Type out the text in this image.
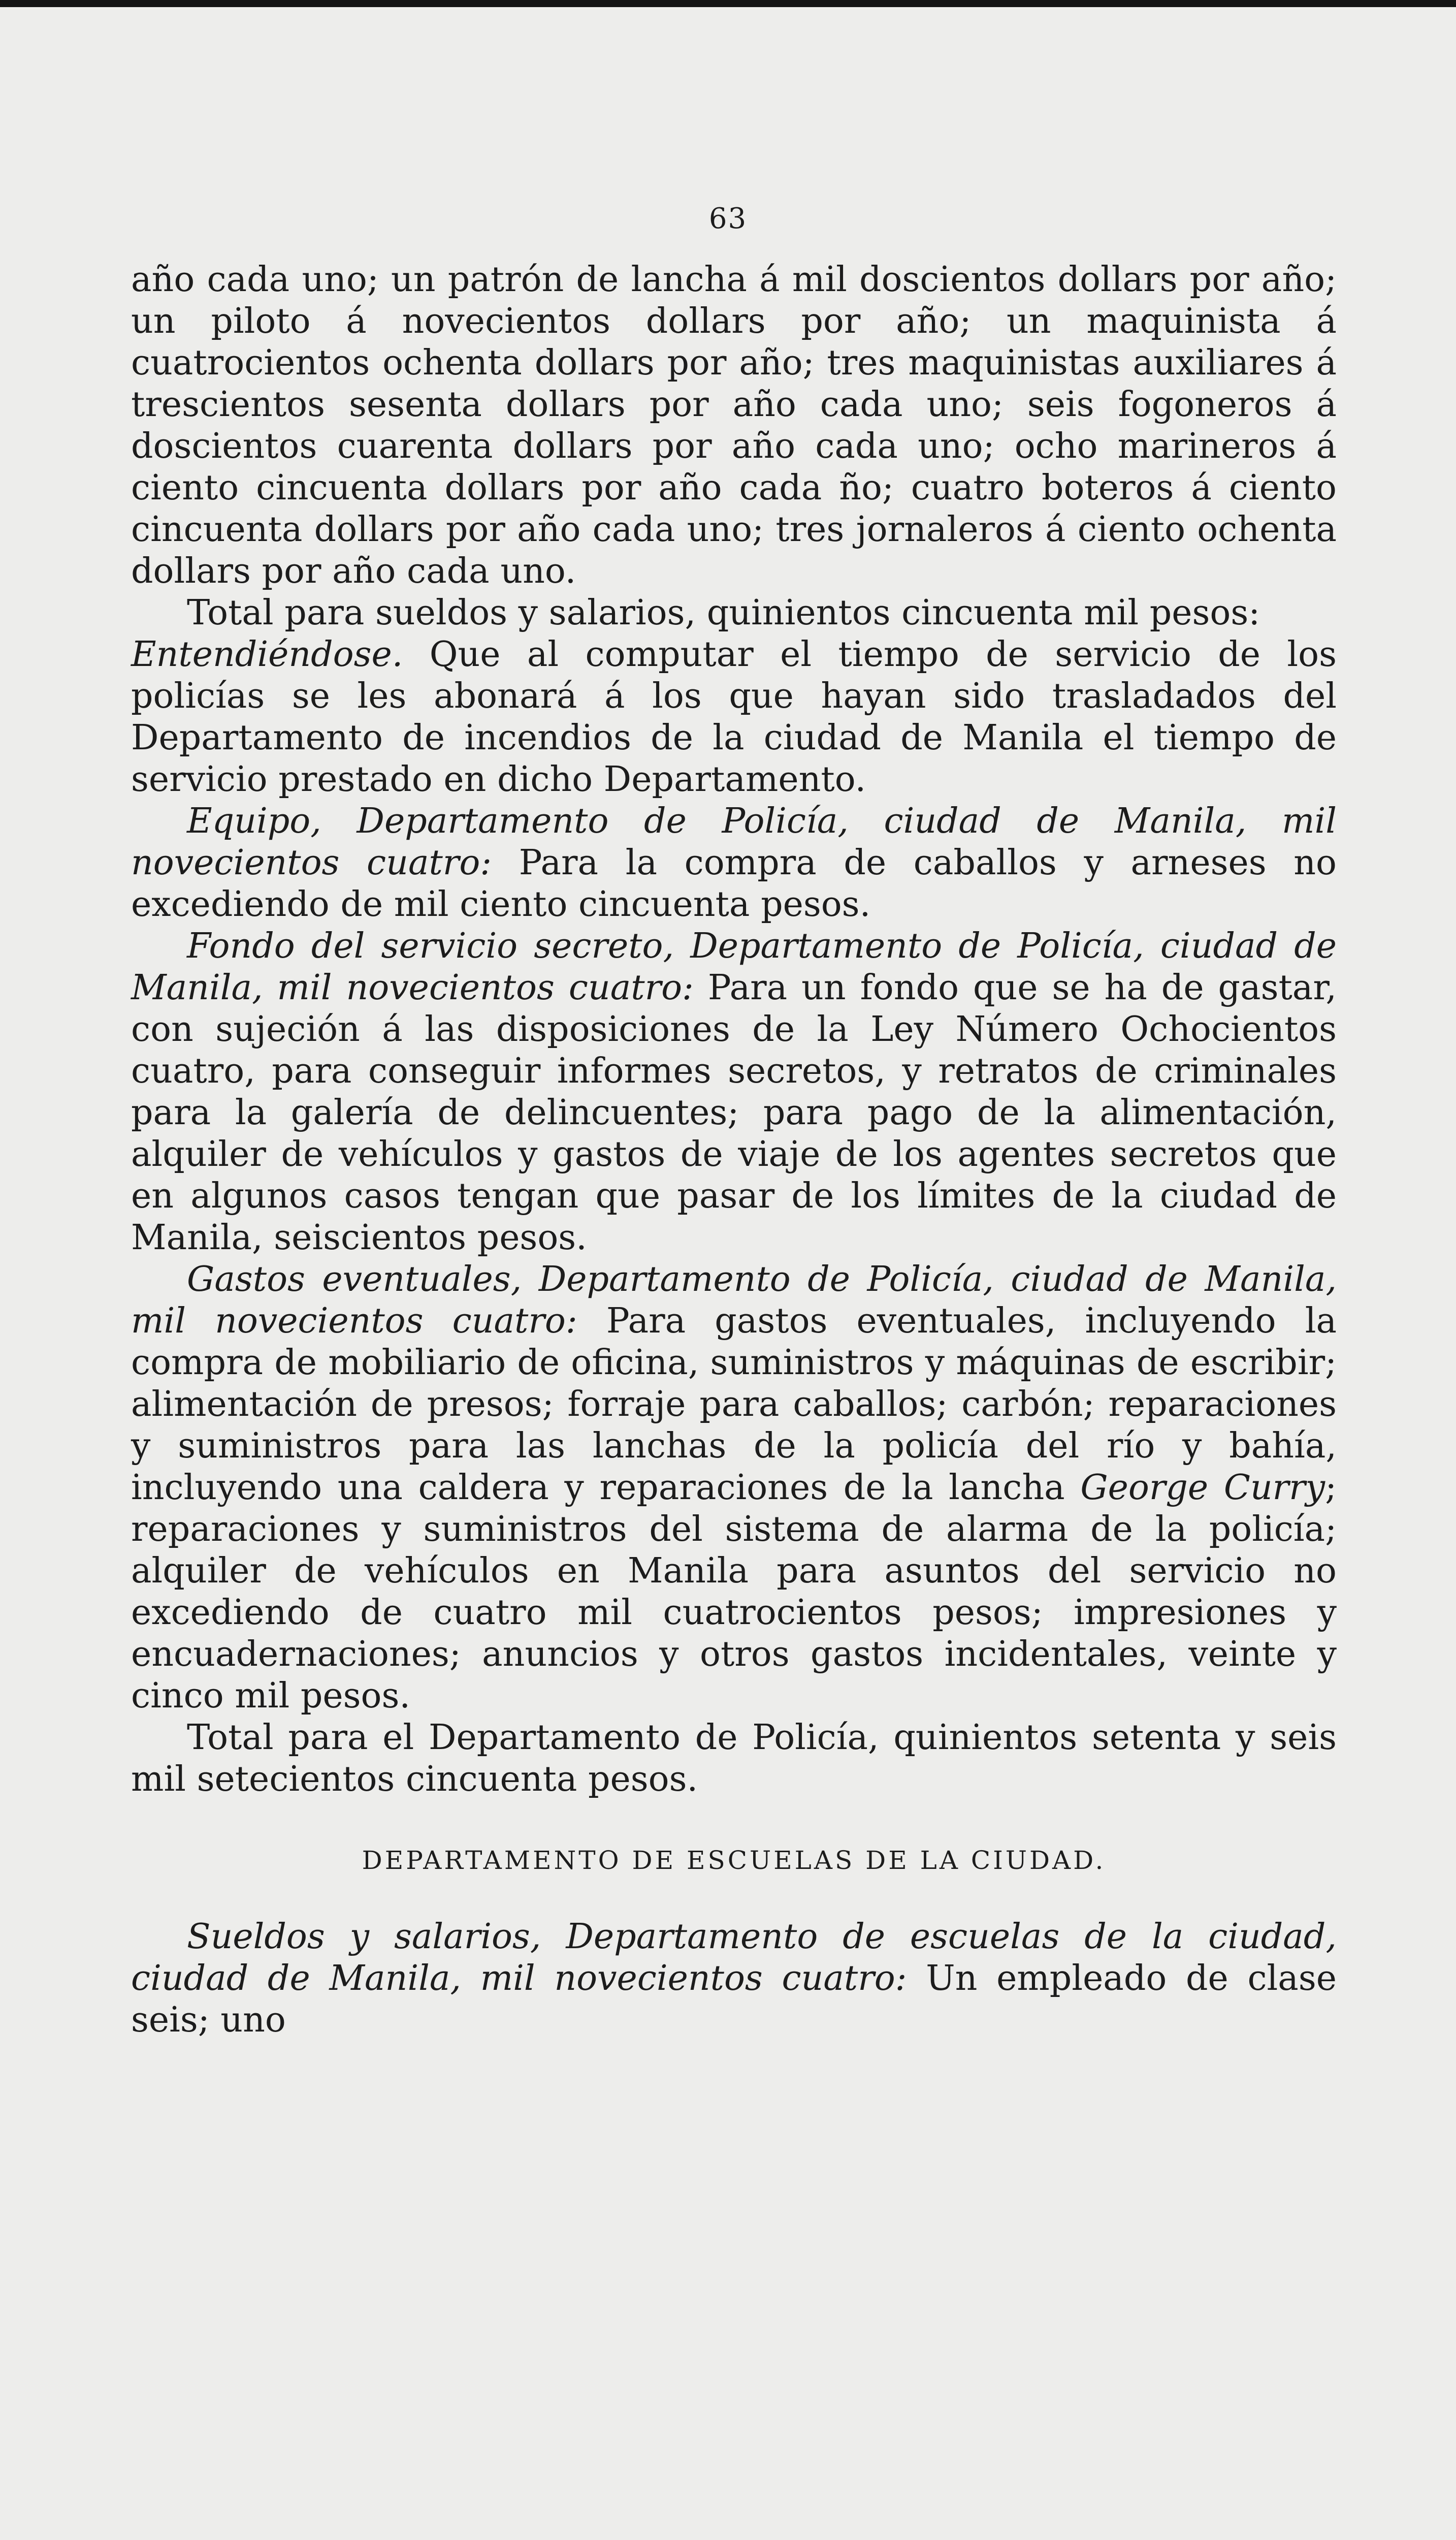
63

año cada uno; un patrón de lancha á mil doscientos dollars por año; un piloto á novecientos dollars por año; un maquinista á cuatrocientos ochenta dollars por año; tres maquinistas auxiliares á trescientos sesenta dollars por año cada uno; seis fogoneros á doscientos cuarenta dollars por año cada uno; ocho marineros á ciento cincuenta dollars por año cada ño; cuatro boteros á ciento cincuenta dollars por año cada uno; tres jornaleros á ciento ochenta dollars por año cada uno.

Total para sueldos y salarios, quinientos cincuenta mil pesos:

Entendiéndose. Que al computar el tiempo de servicio de los policías se les abonará á los que hayan sido trasladados del Departamento de incendios de la ciudad de Manila el tiempo de servicio prestado en dicho Departamento.

Equipo, Departamento de Policía, ciudad de Manila, mil novecientos cuatro: Para la compra de caballos y arneses no excediendo de mil ciento cincuenta pesos.

Fondo del servicio secreto, Departamento de Policía, ciudad de Manila, mil novecientos cuatro: Para un fondo que se ha de gastar, con sujeción á las disposiciones de la Ley Número Ochocientos cuatro, para conseguir informes secretos, y retratos de criminales para la galería de delincuentes; para pago de la alimentación, alquiler de vehículos y gastos de viaje de los agentes secretos que en algunos casos tengan que pasar de los límites de la ciudad de Manila, seiscientos pesos.

Gastos eventuales, Departamento de Policía, ciudad de Manila, mil novecientos cuatro: Para gastos eventuales, incluyendo la compra de mobiliario de oficina, suministros y máquinas de escribir; alimentación de presos; forraje para caballos; carbón; reparaciones y suministros para las lanchas de la policía del río y bahía, incluyendo una caldera y reparaciones de la lancha George Curry; reparaciones y suministros del sistema de alarma de la policía; alquiler de vehículos en Manila para asuntos del servicio no excediendo de cuatro mil cuatrocientos pesos; impresiones y encuadernaciones; anuncios y otros gastos incidentales, veinte y cinco mil pesos.

Total para el Departamento de Policía, quinientos setenta y seis mil setecientos cincuenta pesos.

DEPARTAMENTO DE ESCUELAS DE LA CIUDAD.

Sueldos y salarios, Departamento de escuelas de la ciudad, ciudad de Manila, mil novecientos cuatro: Un empleado de clase seis; uno
